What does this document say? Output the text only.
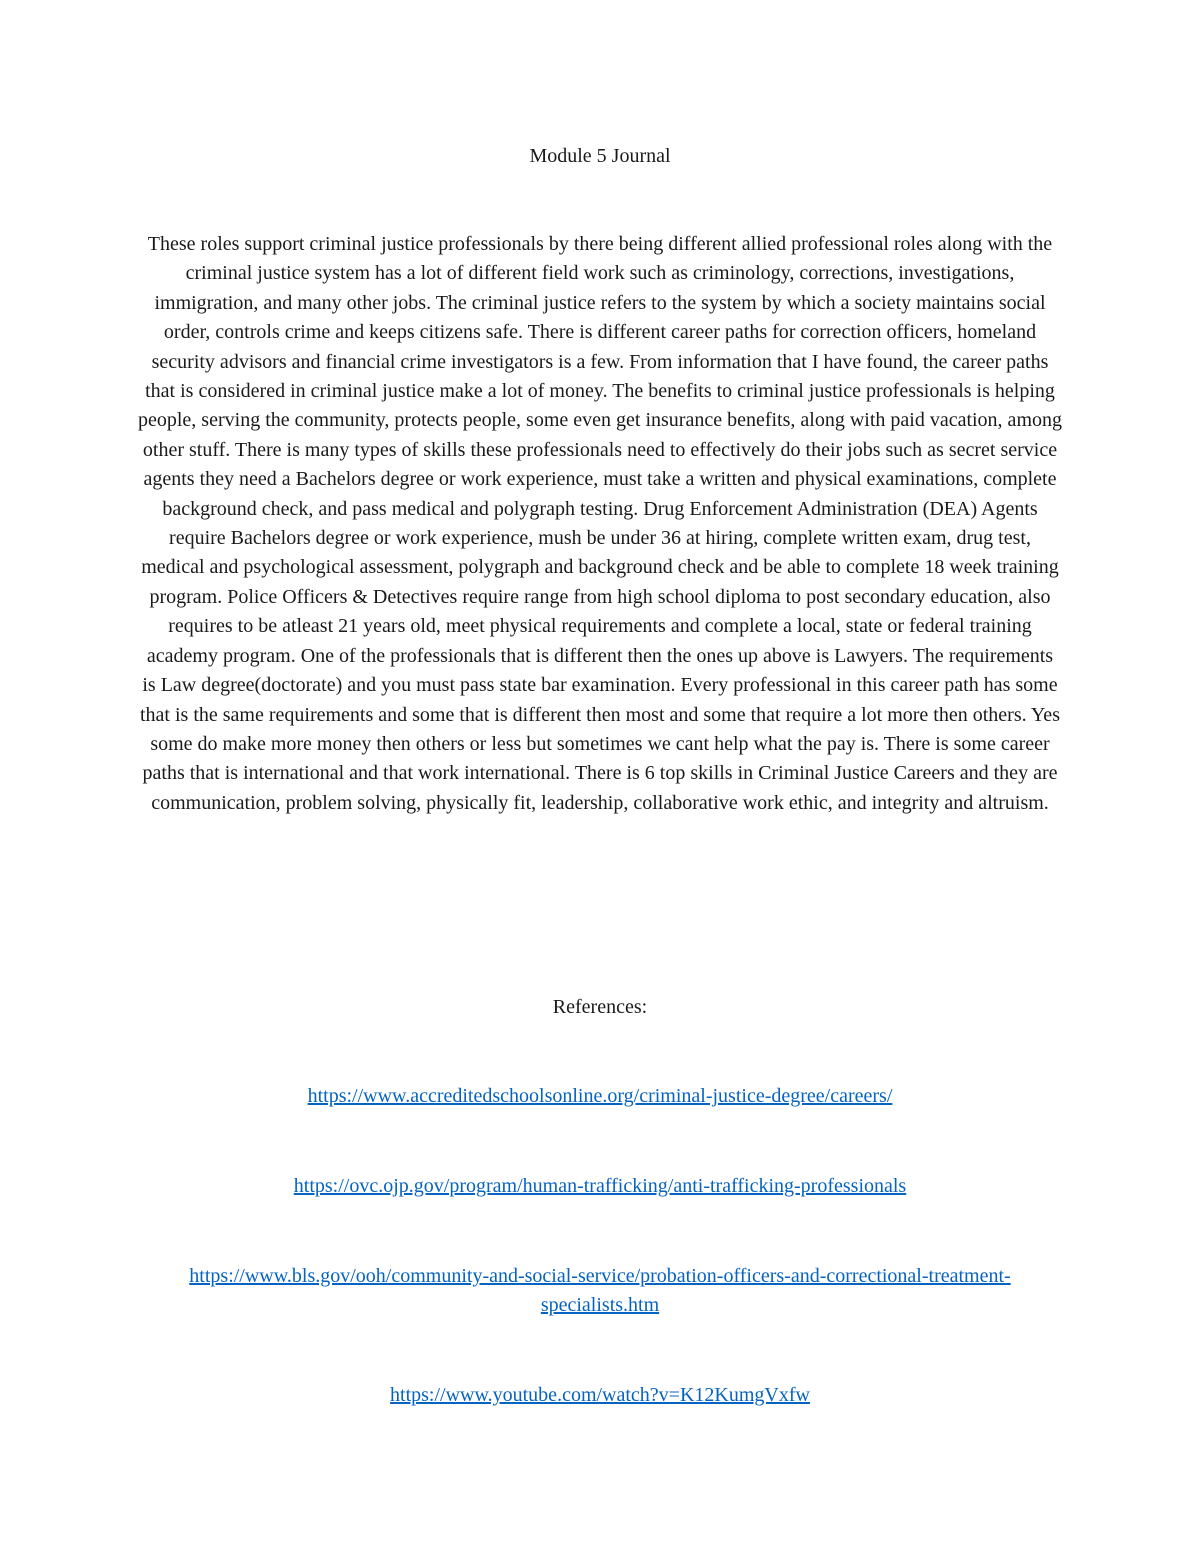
Module 5 Journal

These roles support criminal justice professionals by there being different allied professional roles along with the criminal justice system has a lot of different field work such as criminology, corrections, investigations, immigration, and many other jobs. The criminal justice refers to the system by which a society maintains social order, controls crime and keeps citizens safe. There is different career paths for correction officers, homeland security advisors and financial crime investigators is a few. From information that I have found, the career paths that is considered in criminal justice make a lot of money. The benefits to criminal justice professionals is helping people, serving the community, protects people, some even get insurance benefits, along with paid vacation, among other stuff. There is many types of skills these professionals need to effectively do their jobs such as secret service agents they need a Bachelors degree or work experience, must take a written and physical examinations, complete background check, and pass medical and polygraph testing. Drug Enforcement Administration (DEA) Agents require Bachelors degree or work experience, mush be under 36 at hiring, complete written exam, drug test, medical and psychological assessment, polygraph and background check and be able to complete 18 week training program. Police Officers & Detectives require range from high school diploma to post secondary education, also requires to be atleast 21 years old, meet physical requirements and complete a local, state or federal training academy program. One of the professionals that is different then the ones up above is Lawyers. The requirements is Law degree(doctorate) and you must pass state bar examination. Every professional in this career path has some that is the same requirements and some that is different then most and some that require a lot more then others. Yes some do make more money then others or less but sometimes we cant help what the pay is. There is some career paths that is international and that work international. There is 6 top skills in Criminal Justice Careers and they are communication, problem solving, physically fit, leadership, collaborative work ethic, and integrity and altruism.

References:
https://www.accreditedschoolsonline.org/criminal-justice-degree/careers/
https://ovc.ojp.gov/program/human-trafficking/anti-trafficking-professionals
https://www.bls.gov/ooh/community-and-social-service/probation-officers-and-correctional-treatment-specialists.htm
https://www.youtube.com/watch?v=K12KumgVxfw
